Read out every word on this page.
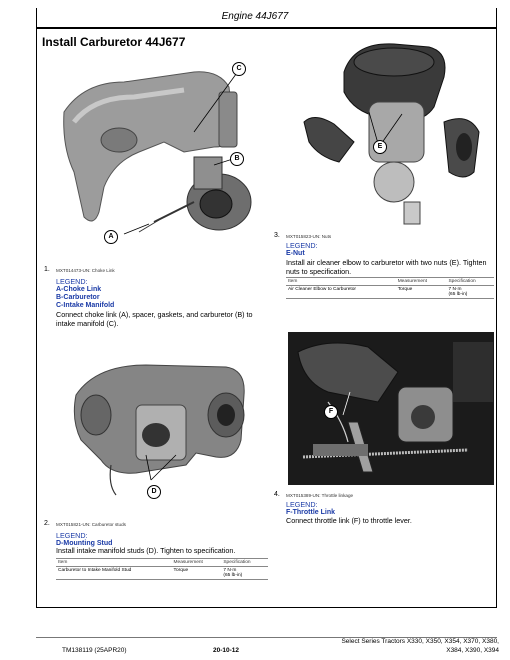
Engine 44J677
Install Carburetor 44J677
C
B
A
1. MXT014473-UN: Choke Link
LEGEND:
A-Choke Link
B-Carburetor
C-Intake Manifold
Connect choke link (A), spacer, gaskets, and carburetor (B) to intake manifold (C).
D
2. MXT015821-UN: Carburetor studs
LEGEND:
D-Mounting Stud
Install intake manifold studs (D). Tighten to specification.
Item	Measurement	Specification
Carburetor to Intake Manifold Stud	Torque	7 N·m
(65 lb-in)
E
3. MXT015823-UN: Nuts
LEGEND:
E-Nut
Install air cleaner elbow to carburetor with two nuts (E). Tighten nuts to specification.
Item	Measurement	Specification
Air Cleaner Elbow to Carburetor	Torque	7 N·m
(65 lb-in)
F
4. MXT015389-UN: Throttle linkage
LEGEND:
F-Throttle Link
Connect throttle link (F) to throttle lever.
TM138119 (25APR20)	20-10-12
Select Series Tractors X330, X350, X354, X370, X380,
X384, X390, X394
